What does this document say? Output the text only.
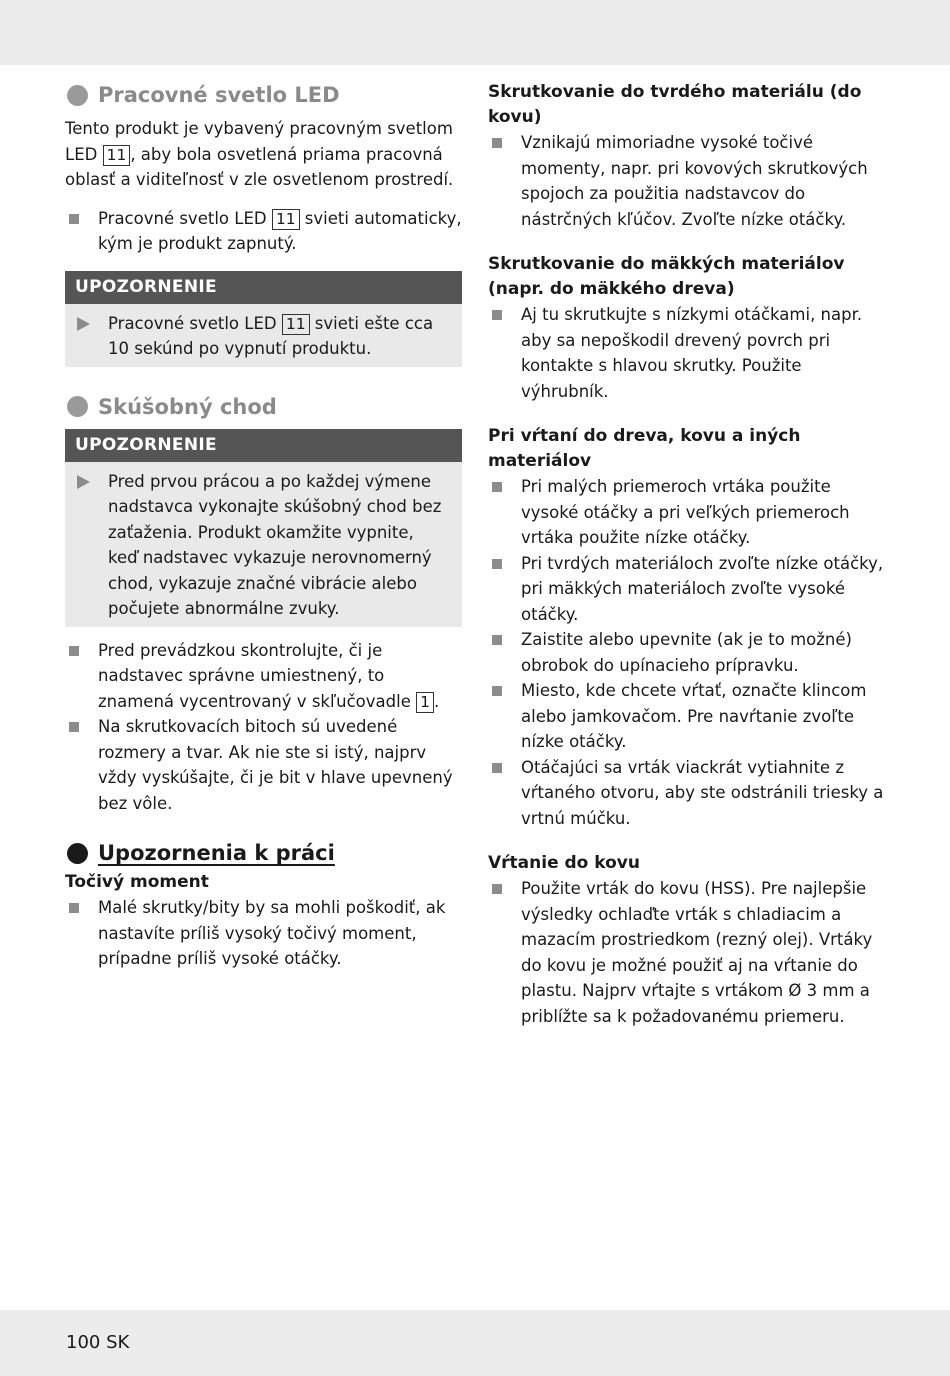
Pracovné svetlo LED

Tento produkt je vybavený pracovným svetlom LED 11 , aby bola osvetlená priama pracovná oblasť a viditeľnosť v zle osvetlenom prostredí.

Pracovné svetlo LED 11 svieti automaticky, kým je produkt zapnutý.
UPOZORNENIE
Pracovné svetlo LED 11 svieti ešte cca 10 sekúnd po vypnutí produktu.
Skúšobný chod
UPOZORNENIE
Pred prvou prácou a po každej výmene nadstavca vykonajte skúšobný chod bez zaťaženia. Produkt okamžite vypnite, keď nadstavec vykazuje nerovnomerný chod, vykazuje značné vibrácie alebo počujete abnormálne zvuky.
Pred prevádzkou skontrolujte, či je nadstavec správne umiestnený, to znamená vycentrovaný v skľučovadle 1 .
Na skrutkovacích bitoch sú uvedené rozmery a tvar. Ak nie ste si istý, najprv vždy vyskúšajte, či je bit v hlave upevnený bez vôle.
Upozornenia k práci
Točivý moment
Malé skrutky/bity by sa mohli poškodiť, ak nastavíte príliš vysoký točivý moment, prípadne príliš vysoké otáčky.
Skrutkovanie do tvrdého materiálu (do kovu)
Vznikajú mimoriadne vysoké točivé momenty, napr. pri kovových skrutkových spojoch za použitia nadstavcov do nástrčných kľúčov. Zvoľte nízke otáčky.
Skrutkovanie do mäkkých materiálov (napr. do mäkkého dreva)
Aj tu skrutkujte s nízkymi otáčkami, napr. aby sa nepoškodil drevený povrch pri kontakte s hlavou skrutky. Použite výhrubník.
Pri vŕtaní do dreva, kovu a iných materiálov
Pri malých priemeroch vrtáka použite vysoké otáčky a pri veľkých priemeroch vrtáka použite nízke otáčky.
Pri tvrdých materiáloch zvoľte nízke otáčky, pri mäkkých materiáloch zvoľte vysoké otáčky.
Zaistite alebo upevnite (ak je to možné) obrobok do upínacieho prípravku.
Miesto, kde chcete vŕtať, označte klincom alebo jamkovačom. Pre navŕtanie zvoľte nízke otáčky.
Otáčajúci sa vrták viackrát vytiahnite z vŕtaného otvoru, aby ste odstránili triesky a vrtnú múčku.
Vŕtanie do kovu
Použite vrták do kovu (HSS). Pre najlepšie výsledky ochlaďte vrták s chladiacim a mazacím prostriedkom (rezný olej). Vrtáky do kovu je možné použiť aj na vŕtanie do plastu. Najprv vŕtajte s vrtákom Ø 3 mm a priblížte sa k požadovanému priemeru.
100 SK
